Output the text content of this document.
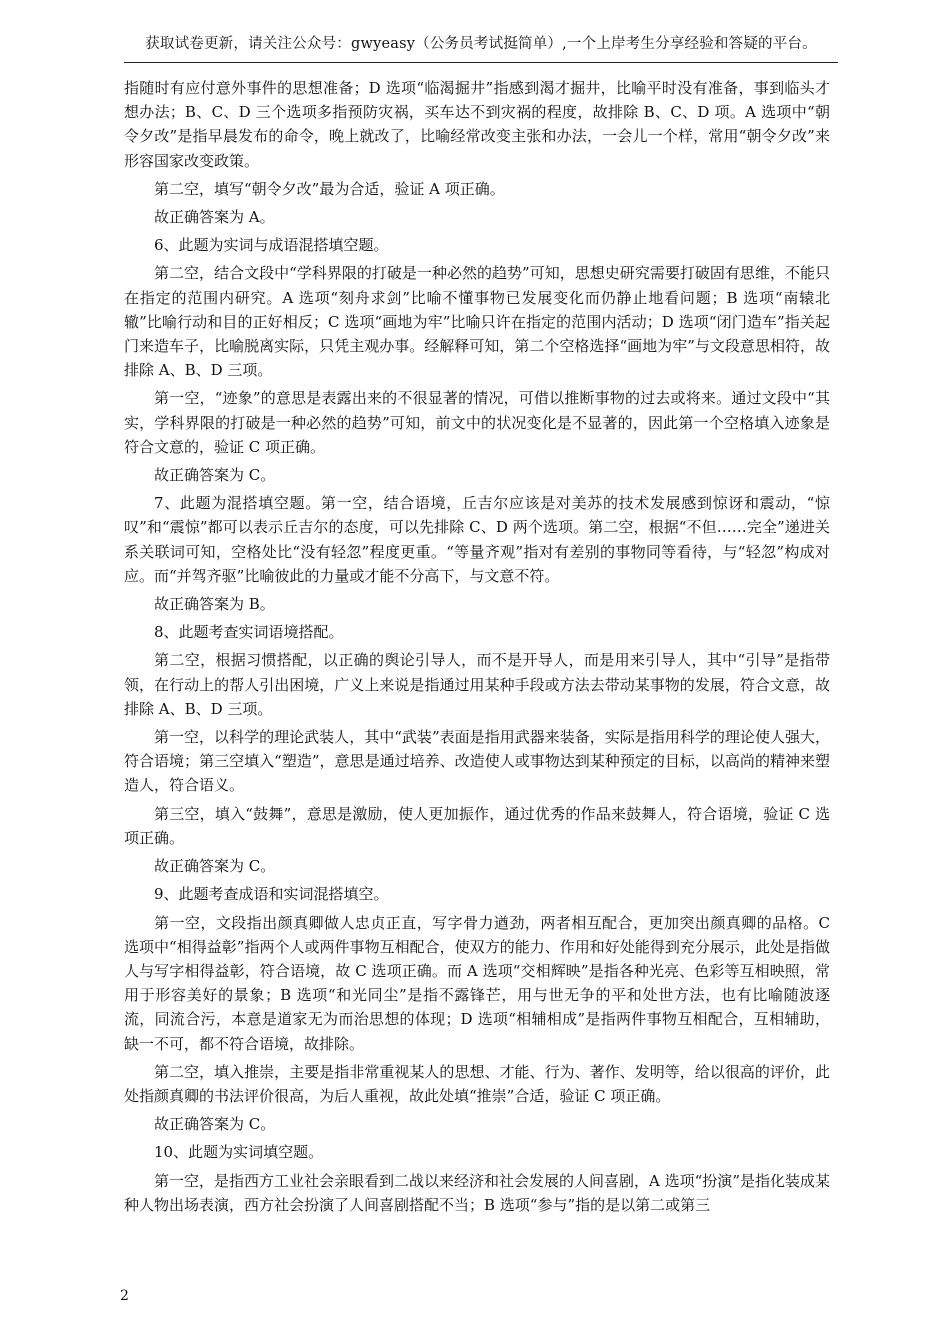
获取试卷更新，请关注公众号：gwyeasy（公务员考试挺简单）,一个上岸考生分享经验和答疑的平台。

指随时有应付意外事件的思想准备；D 选项“临渴掘井”指感到渴才掘井，比喻平时没有准备，事到临头才想办法；B、C、D 三个选项多指预防灾祸，买车达不到灾祸的程度，故排除 B、C、D 项。A 选项中“朝令夕改”是指早晨发布的命令，晚上就改了，比喻经常改变主张和办法，一会儿一个样，常用“朝令夕改”来形容国家改变政策。

第二空，填写“朝令夕改”最为合适，验证 A 项正确。

故正确答案为 A。

6、此题为实词与成语混搭填空题。

第二空，结合文段中“学科界限的打破是一种必然的趋势”可知，思想史研究需要打破固有思维，不能只在指定的范围内研究。A 选项“刻舟求剑”比喻不懂事物已发展变化而仍静止地看问题；B 选项“南辕北辙”比喻行动和目的正好相反；C 选项“画地为牢”比喻只许在指定的范围内活动；D 选项“闭门造车”指关起门来造车子，比喻脱离实际，只凭主观办事。经解释可知，第二个空格选择“画地为牢”与文段意思相符，故排除 A、B、D 三项。

第一空，“迹象”的意思是表露出来的不很显著的情况，可借以推断事物的过去或将来。通过文段中“其实，学科界限的打破是一种必然的趋势”可知，前文中的状况变化是不显著的，因此第一个空格填入迹象是符合文意的，验证 C 项正确。

故正确答案为 C。

7、此题为混搭填空题。第一空，结合语境，丘吉尔应该是对美苏的技术发展感到惊讶和震动，“惊叹”和“震惊”都可以表示丘吉尔的态度，可以先排除 C、D 两个选项。第二空，根据“不但……完全”递进关系关联词可知，空格处比“没有轻忽”程度更重。“等量齐观”指对有差别的事物同等看待，与“轻忽”构成对应。而“并驾齐驱”比喻彼此的力量或才能不分高下，与文意不符。

故正确答案为 B。

8、此题考查实词语境搭配。

第二空，根据习惯搭配，以正确的舆论引导人，而不是开导人，而是用来引导人，其中“引导”是指带领，在行动上的帮人引出困境，广义上来说是指通过用某种手段或方法去带动某事物的发展，符合文意，故排除 A、B、D 三项。

第一空，以科学的理论武装人，其中“武装”表面是指用武器来装备，实际是指用科学的理论使人强大，符合语境；第三空填入“塑造”，意思是通过培养、改造使人或事物达到某种预定的目标，以高尚的精神来塑造人，符合语义。

第三空，填入“鼓舞”，意思是激励，使人更加振作，通过优秀的作品来鼓舞人，符合语境，验证 C 选项正确。

故正确答案为 C。

9、此题考查成语和实词混搭填空。

第一空，文段指出颜真卿做人忠贞正直，写字骨力遒劲，两者相互配合，更加突出颜真卿的品格。C 选项中“相得益彰”指两个人或两件事物互相配合，使双方的能力、作用和好处能得到充分展示，此处是指做人与写字相得益彰，符合语境，故 C 选项正确。而 A 选项“交相辉映”是指各种光亮、色彩等互相映照，常用于形容美好的景象；B 选项“和光同尘”是指不露锋芒，用与世无争的平和处世方法，也有比喻随波逐流，同流合污，本意是道家无为而治思想的体现；D 选项“相辅相成”是指两件事物互相配合，互相辅助，缺一不可，都不符合语境，故排除。

第二空，填入推崇，主要是指非常重视某人的思想、才能、行为、著作、发明等，给以很高的评价，此处指颜真卿的书法评价很高，为后人重视，故此处填“推崇”合适，验证 C 项正确。

故正确答案为 C。

10、此题为实词填空题。

第一空，是指西方工业社会亲眼看到二战以来经济和社会发展的人间喜剧，A 选项“扮演”是指化装成某种人物出场表演，西方社会扮演了人间喜剧搭配不当；B 选项“参与”指的是以第二或第三

2
